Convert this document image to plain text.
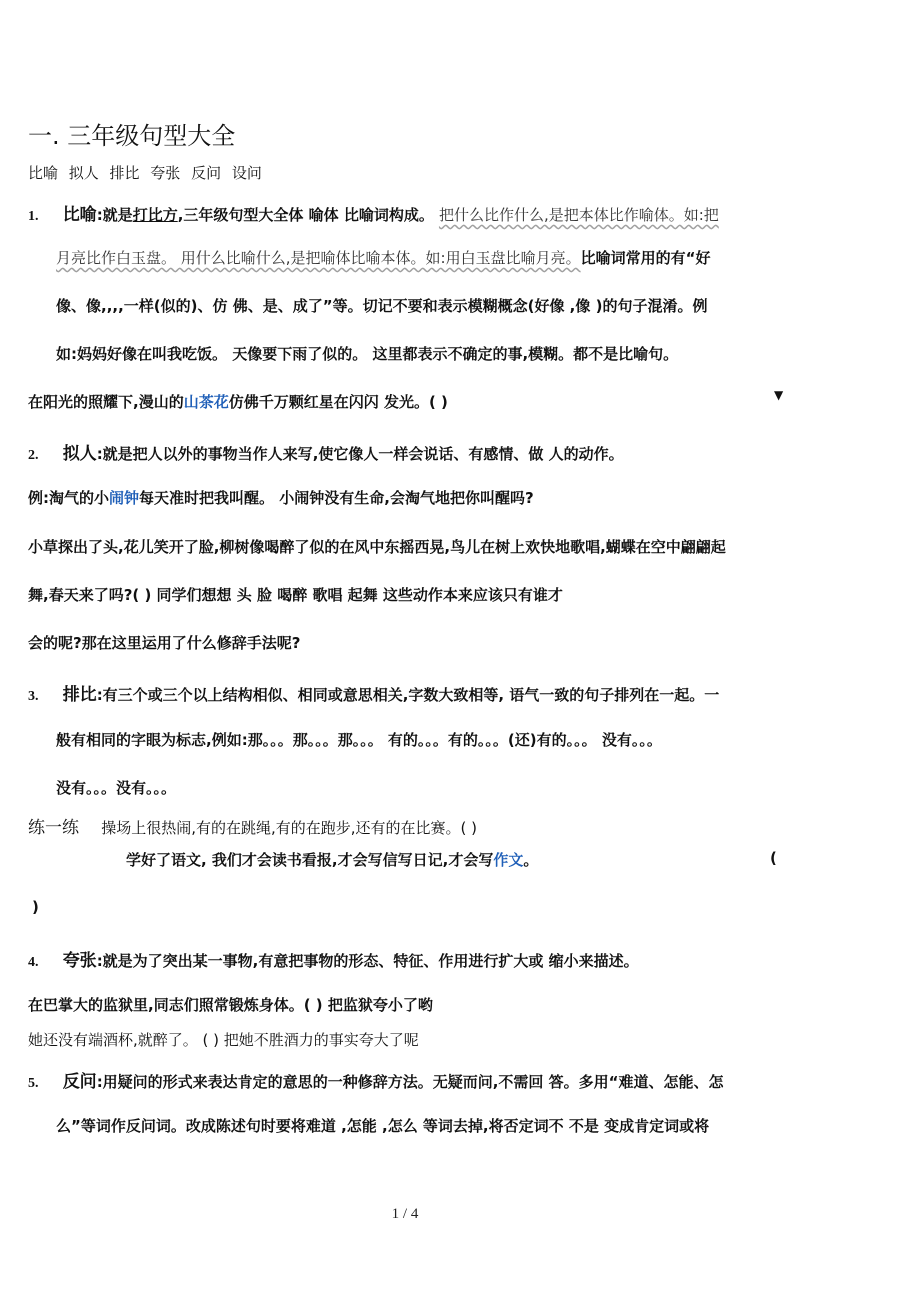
一. 三年级句型大全
比喻 拟人 排比 夸张 反问 设问
1. 比喻:就是打比方,三年级句型大全体 喻体 比喻词构成。 把什么比作什么,是把本体比作喻体。如:把
月亮比作白玉盘。 用什么比喻什么,是把喻体比喻本体。如:用白玉盘比喻月亮。比喻词常用的有“好
像、像,,,,一样(似的)、仿 佛、是、成了”等。切记不要和表示模糊概念(好像 ,像 )的句子混淆。例
如:妈妈好像在叫我吃饭。 天像要下雨了似的。 这里都表示不确定的事,模糊。都不是比喻句。
在阳光的照耀下,漫山的山茶花仿佛千万颗红星在闪闪 发光。( )	▼
2. 拟人:就是把人以外的事物当作人来写,使它像人一样会说话、有感情、做 人的动作。
例:淘气的小闹钟每天准时把我叫醒。 小闹钟没有生命,会淘气地把你叫醒吗?
小草探出了头,花儿笑开了脸,柳树像喝醉了似的在风中东摇西晃,鸟儿在树上欢快地歌唱,蝴蝶在空中翩翩起
舞,春天来了吗?( ) 同学们想想 头 脸 喝醉 歌唱 起舞 这些动作本来应该只有谁才
会的呢?那在这里运用了什么修辞手法呢?
3. 排比:有三个或三个以上结构相似、相同或意思相关,字数大致相等, 语气一致的句子排列在一起。一
般有相同的字眼为标志,例如:那。。。那。。。那。。。 有的。。。有的。。。(还)有的。。。 没有。。。
没有。。。没有。。。
练一练 操场上很热闹,有的在跳绳,有的在跑步,还有的在比赛。( )
学好了语文, 我们才会读书看报,才会写信写日记,才会写作文。	(
)
4. 夸张:就是为了突出某一事物,有意把事物的形态、特征、作用进行扩大或 缩小来描述。
在巴掌大的监狱里,同志们照常锻炼身体。( ) 把监狱夸小了哟
她还没有端酒杯,就醉了。 ( ) 把她不胜酒力的事实夸大了呢
5. 反问:用疑问的形式来表达肯定的意思的一种修辞方法。无疑而问,不需回 答。多用“难道、怎能、怎
么”等词作反问词。改成陈述句时要将难道 ,怎能 ,怎么 等词去掉,将否定词不 不是 变成肯定词或将
1 / 4
